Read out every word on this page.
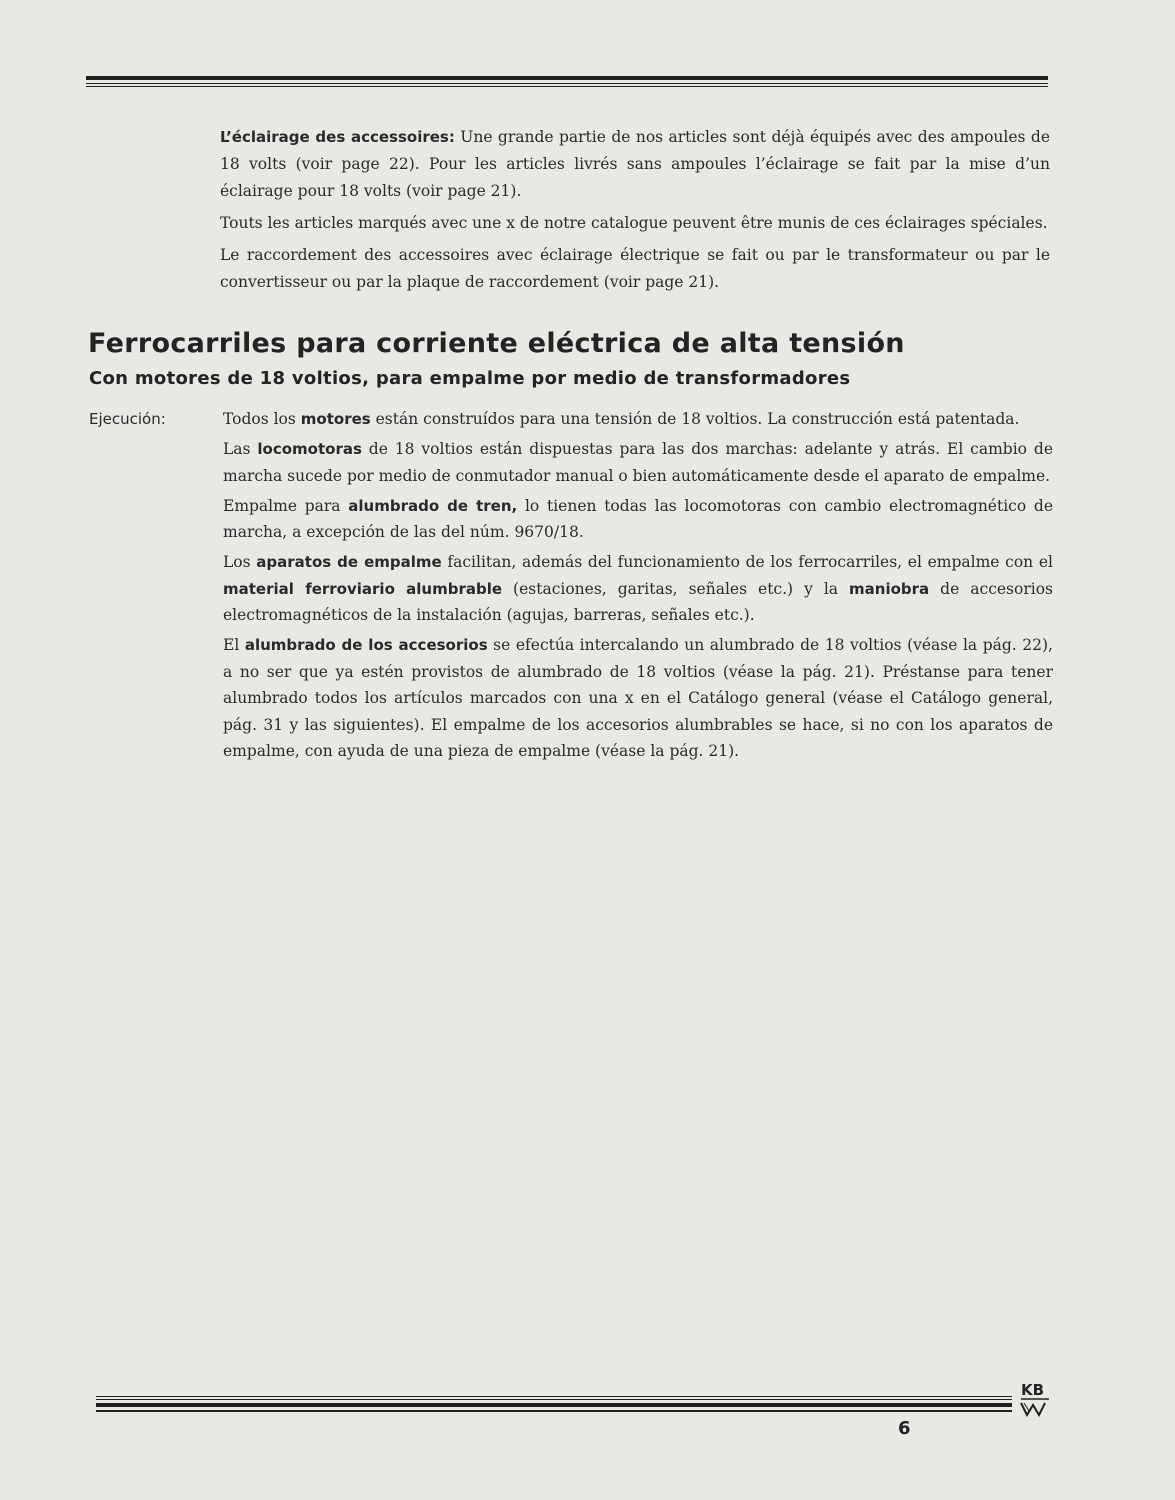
L’éclairage des accessoires: Une grande partie de nos articles sont déjà équipés avec des ampoules de 18 volts (voir page 22). Pour les articles livrés sans ampoules l’éclairage se fait par la mise d’un éclairage pour 18 volts (voir page 21).

Touts les articles marqués avec une x de notre catalogue peuvent être munis de ces éclairages spéciales.

Le raccordement des accessoires avec éclairage électrique se fait ou par le transformateur ou par le convertisseur ou par la plaque de raccordement (voir page 21).

Ferrocarriles para corriente eléctrica de alta tensión
Con motores de 18 voltios, para empalme por medio de transformadores
Ejecución:	Todos los motores están construídos para una tensión de 18 voltios. La construcción está patentada.

Las locomotoras de 18 voltios están dispuestas para las dos marchas: adelante y atrás. El cambio de marcha sucede por medio de conmutador manual o bien automáticamente desde el aparato de empalme.

Empalme para alumbrado de tren, lo tienen todas las locomotoras con cambio electromagnético de marcha, a excepción de las del núm. 9670/18.

Los aparatos de empalme facilitan, además del funcionamiento de los ferrocarriles, el empalme con el material ferroviario alumbrable (estaciones, garitas, señales etc.) y la maniobra de accesorios electromagnéticos de la instalación (agujas, barreras, señales etc.).

El alumbrado de los accesorios se efectúa intercalando un alumbrado de 18 voltios (véase la pág. 22), a no ser que ya estén provistos de alumbrado de 18 voltios (véase la pág. 21). Préstanse para tener alumbrado todos los artículos marcados con una x en el Catálogo general (véase el Catálogo general, pág. 31 y las siguientes). El empalme de los accesorios alumbrables se hace, si no con los aparatos de empalme, con ayuda de una pieza de empalme (véase la pág. 21).

KB
6
